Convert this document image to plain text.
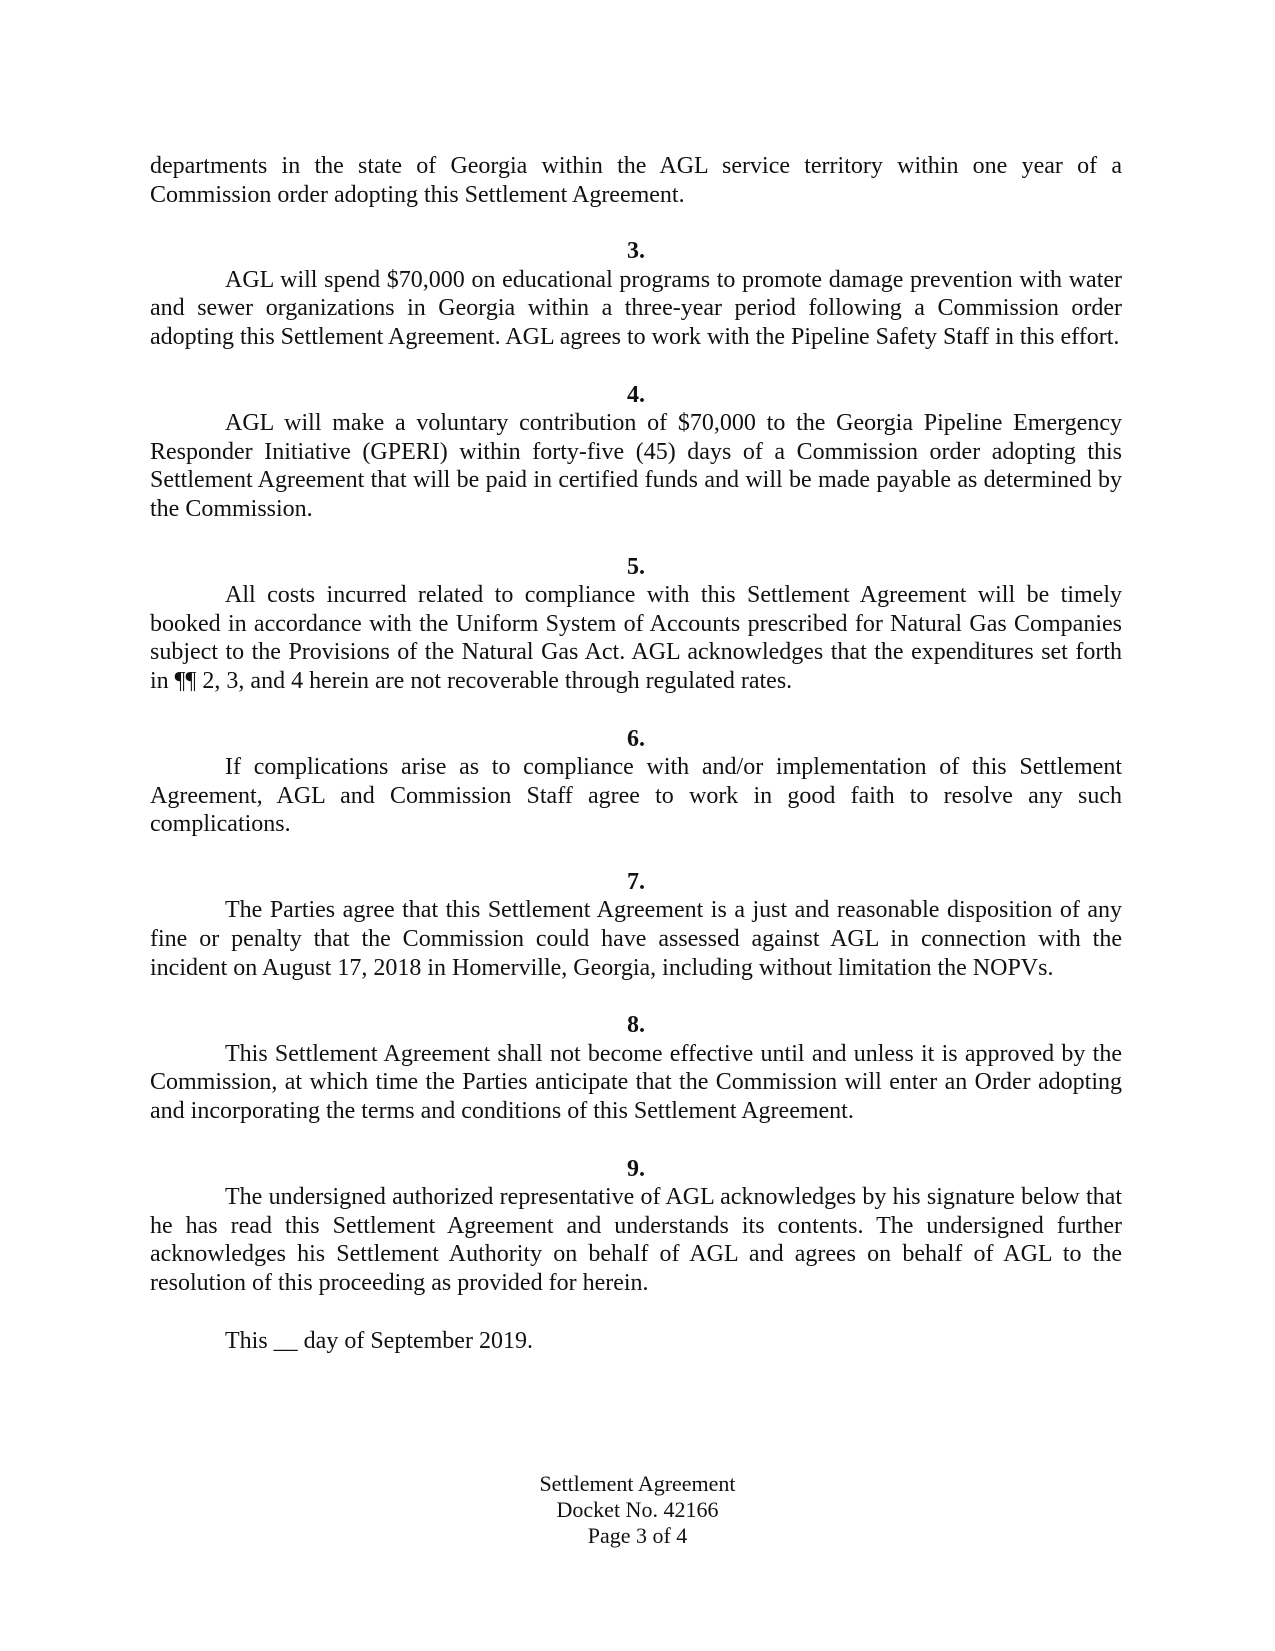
departments in the state of Georgia within the AGL service territory within one year of a Commission order adopting this Settlement Agreement.

3.

AGL will spend $70,000 on educational programs to promote damage prevention with water and sewer organizations in Georgia within a three-year period following a Commission order adopting this Settlement Agreement. AGL agrees to work with the Pipeline Safety Staff in this effort.

4.

AGL will make a voluntary contribution of $70,000 to the Georgia Pipeline Emergency Responder Initiative (GPERI) within forty-five (45) days of a Commission order adopting this Settlement Agreement that will be paid in certified funds and will be made payable as determined by the Commission.

5.

All costs incurred related to compliance with this Settlement Agreement will be timely booked in accordance with the Uniform System of Accounts prescribed for Natural Gas Companies subject to the Provisions of the Natural Gas Act. AGL acknowledges that the expenditures set forth in ¶¶ 2, 3, and 4 herein are not recoverable through regulated rates.

6.

If complications arise as to compliance with and/or implementation of this Settlement Agreement, AGL and Commission Staff agree to work in good faith to resolve any such complications.

7.

The Parties agree that this Settlement Agreement is a just and reasonable disposition of any fine or penalty that the Commission could have assessed against AGL in connection with the incident on August 17, 2018 in Homerville, Georgia, including without limitation the NOPVs.

8.

This Settlement Agreement shall not become effective until and unless it is approved by the Commission, at which time the Parties anticipate that the Commission will enter an Order adopting and incorporating the terms and conditions of this Settlement Agreement.

9.

The undersigned authorized representative of AGL acknowledges by his signature below that he has read this Settlement Agreement and understands its contents. The undersigned further acknowledges his Settlement Authority on behalf of AGL and agrees on behalf of AGL to the resolution of this proceeding as provided for herein.

This __ day of September 2019.

Settlement Agreement
Docket No. 42166
Page 3 of 4
